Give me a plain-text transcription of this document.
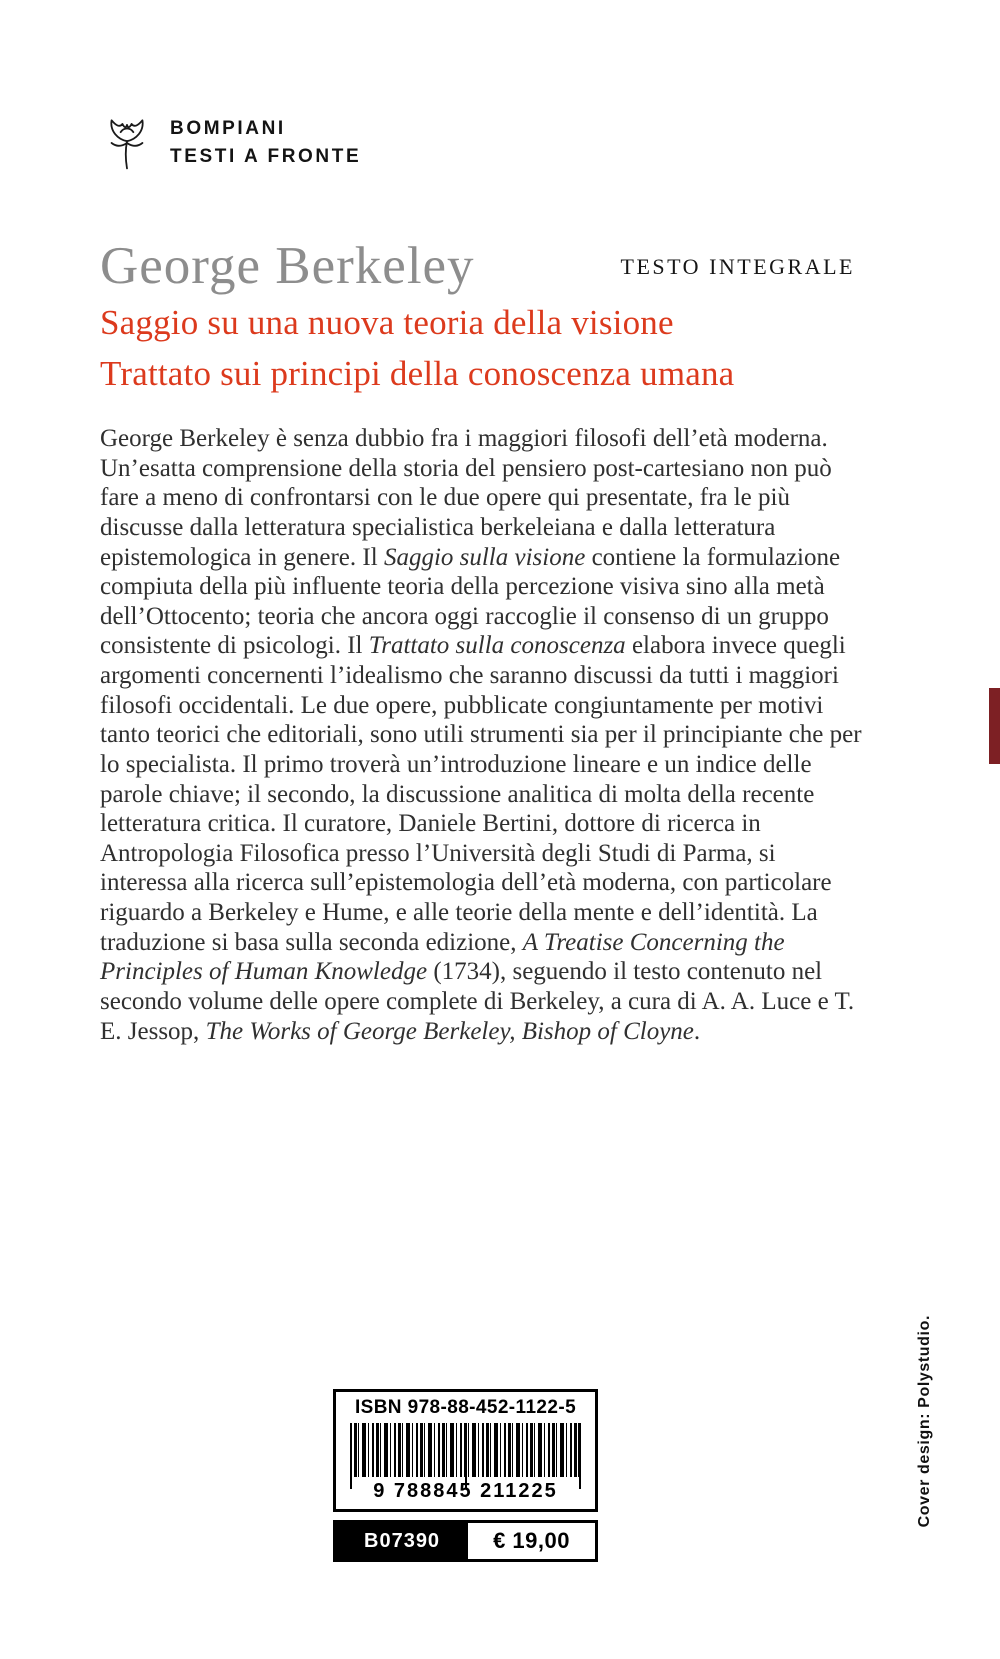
BOMPIANI
TESTI A FRONTE
George Berkeley	TESTO INTEGRALE
Saggio su una nuova teoria della visione
Trattato sui principi della conoscenza umana

George Berkeley è senza dubbio fra i maggiori filosofi dell’età moderna. Un’esatta comprensione della storia del pensiero post-cartesiano non può fare a meno di confrontarsi con le due opere qui presentate, fra le più discusse dalla letteratura specialistica berkeleiana e dalla letteratura epistemologica in genere. Il Saggio sulla visione contiene la formulazione compiuta della più influente teoria della percezione visiva sino alla metà dell’Ottocento; teoria che ancora oggi raccoglie il consenso di un gruppo consistente di psicologi. Il Trattato sulla conoscenza elabora invece quegli argomenti concernenti l’idealismo che saranno discussi da tutti i maggiori filosofi occidentali. Le due opere, pubblicate congiuntamente per motivi tanto teorici che editoriali, sono utili strumenti sia per il principiante che per lo specialista. Il primo troverà un’introduzione lineare e un indice delle parole chiave; il secondo, la discussione analitica di molta della recente letteratura critica. Il curatore, Daniele Bertini, dottore di ricerca in Antropologia Filosofica presso l’Università degli Studi di Parma, si interessa alla ricerca sull’epistemologia dell’età moderna, con particolare riguardo a Berkeley e Hume, e alle teorie della mente e dell’identità. La traduzione si basa sulla seconda edizione, A Treatise Concerning the Principles of Human Knowledge (1734), seguendo il testo contenuto nel secondo volume delle opere complete di Berkeley, a cura di A. A. Luce e T. E. Jessop, The Works of George Berkeley, Bishop of Cloyne.

Cover design: Polystudio.
ISBN 978-88-452-1122-5
9 788845 211225
B07390	€ 19,00
